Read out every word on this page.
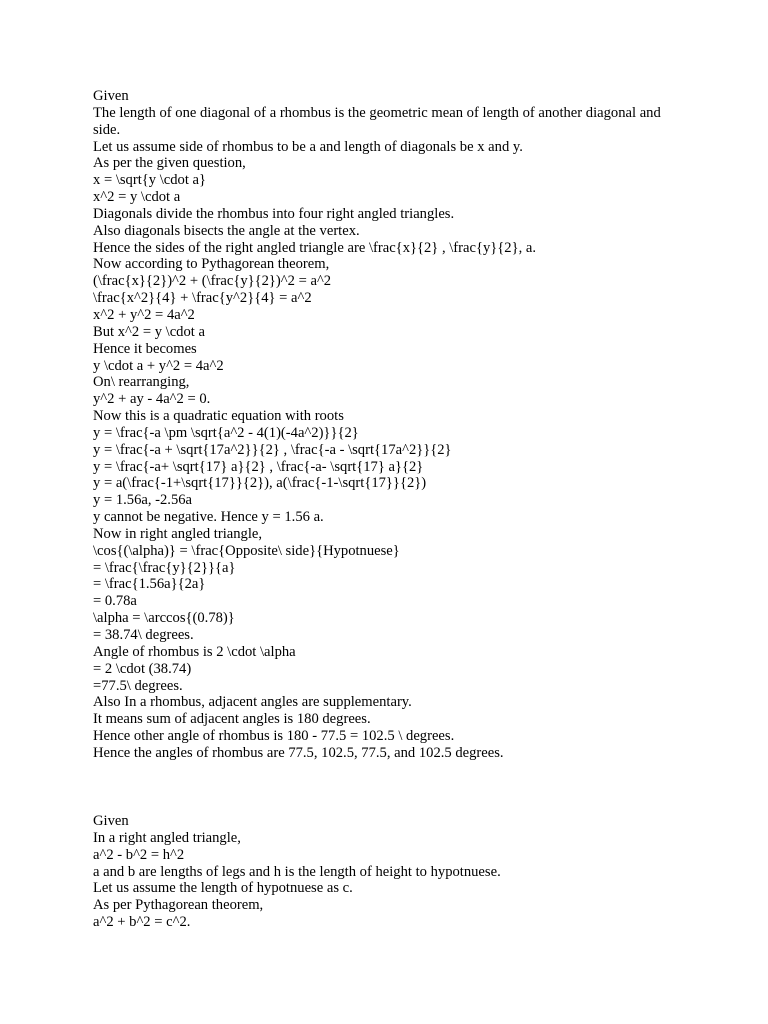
Given

The length of one diagonal of a rhombus is the geometric mean of length of another diagonal and side.

Let us assume side of rhombus to be a and length of diagonals be x and y.

As per the given question,

x = \sqrt{y \cdot a}

x^2 = y \cdot a

Diagonals divide the rhombus into four right angled triangles.

Also diagonals bisects the angle at the vertex.

Hence the sides of the right angled triangle are \frac{x}{2} , \frac{y}{2}, a.

Now according to Pythagorean theorem,

(\frac{x}{2})^2 + (\frac{y}{2})^2 = a^2

\frac{x^2}{4} + \frac{y^2}{4} = a^2

x^2 + y^2 = 4a^2

But x^2 = y \cdot a

Hence it becomes

y \cdot a + y^2 = 4a^2

On\ rearranging,

y^2 + ay - 4a^2 = 0.

Now this is a quadratic equation with roots

y = \frac{-a \pm \sqrt{a^2 - 4(1)(-4a^2)}}{2}

y = \frac{-a + \sqrt{17a^2}}{2} , \frac{-a - \sqrt{17a^2}}{2}

y = \frac{-a+ \sqrt{17} a}{2} , \frac{-a- \sqrt{17} a}{2}

y = a(\frac{-1+\sqrt{17}}{2}), a(\frac{-1-\sqrt{17}}{2})

y = 1.56a, -2.56a

y cannot be negative. Hence y = 1.56 a.

Now in right angled triangle,

\cos{(\alpha)} = \frac{Opposite\ side}{Hypotnuese}

= \frac{\frac{y}{2}}{a}

= \frac{1.56a}{2a}

= 0.78a

\alpha = \arccos{(0.78)}

= 38.74\ degrees.

Angle of rhombus is 2 \cdot \alpha

= 2 \cdot (38.74)

=77.5\ degrees.

Also In a rhombus, adjacent angles are supplementary.

It means sum of adjacent angles is 180 degrees.

Hence other angle of rhombus is 180 - 77.5 = 102.5 \ degrees.

Hence the angles of rhombus are 77.5, 102.5, 77.5, and 102.5 degrees.

Given

In a right angled triangle,

a^2 - b^2 = h^2

a and b are lengths of legs and h is the length of height to hypotnuese.

Let us assume the length of hypotnuese as c.

As per Pythagorean theorem,

a^2 + b^2 = c^2.
